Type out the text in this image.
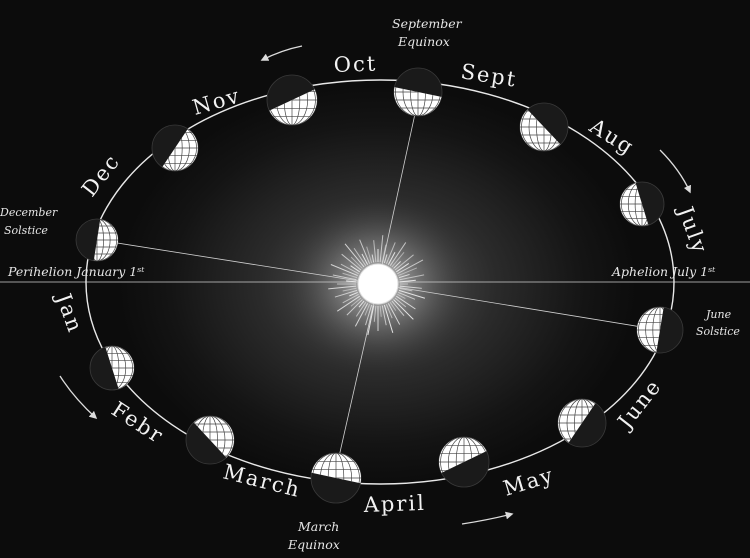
Jan
Febr
March
April
May
June
July
Aug
Sept
Oct
Nov
Dec
September
Equinox
March
Equinox
December
Solstice
June
Solstice
Perihelion January 1ˢᵗ	Aphelion July 1ˢᵗ
